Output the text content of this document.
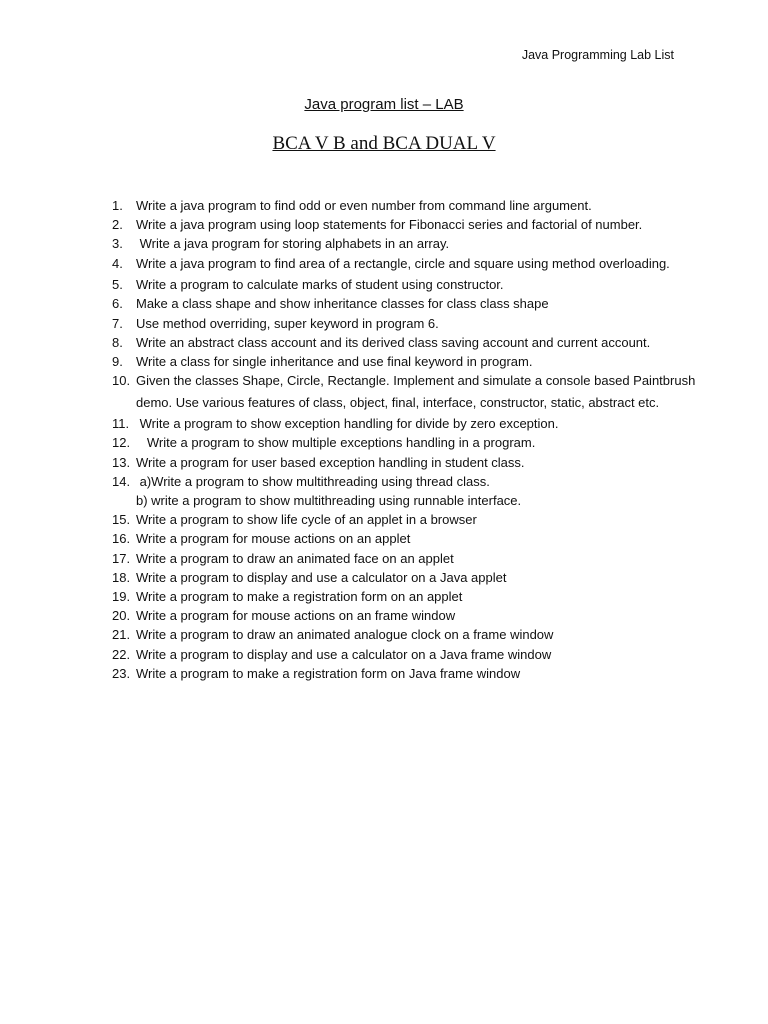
Java Programming Lab List
Java program list – LAB
BCA V B and BCA DUAL V
1.	Write a java program to find odd or even number from command line argument.
2.	Write a java program using loop statements for Fibonacci series and factorial of number.
3.	Write a java program for storing alphabets in an array.
4.	Write a java program to find area of a rectangle, circle and square using method overloading.
5.	Write a program to calculate marks of student using constructor.
6.	Make a class shape and show inheritance classes for class class shape
7.	Use method overriding, super keyword in program 6.
8.	Write an abstract class account and its derived class saving account and current account.
9.	Write a class for single inheritance and use final keyword in program.
10. Given the classes Shape, Circle, Rectangle. Implement and simulate a console based Paintbrush demo. Use various features of class, object, final, interface, constructor, static, abstract etc.
11. Write a program to show exception handling for divide by zero exception.
12. Write a program to show multiple exceptions handling in a program.
13. Write a program for user based exception handling in student class.
14. a)Write a program to show multithreading using thread class.
b) write a program to show multithreading using runnable interface.
15. Write a program to show life cycle of an applet in a browser
16. Write a program for mouse actions on an applet
17. Write a program to draw an animated face on an applet
18. Write a program to display and use a calculator on a Java applet
19. Write a program to make a registration form on an applet
20. Write a program for mouse actions on an frame window
21. Write a program to draw an animated analogue clock on a frame window
22. Write a program to display and use a calculator on a Java frame window
23. Write a program to make a registration form on Java frame window
